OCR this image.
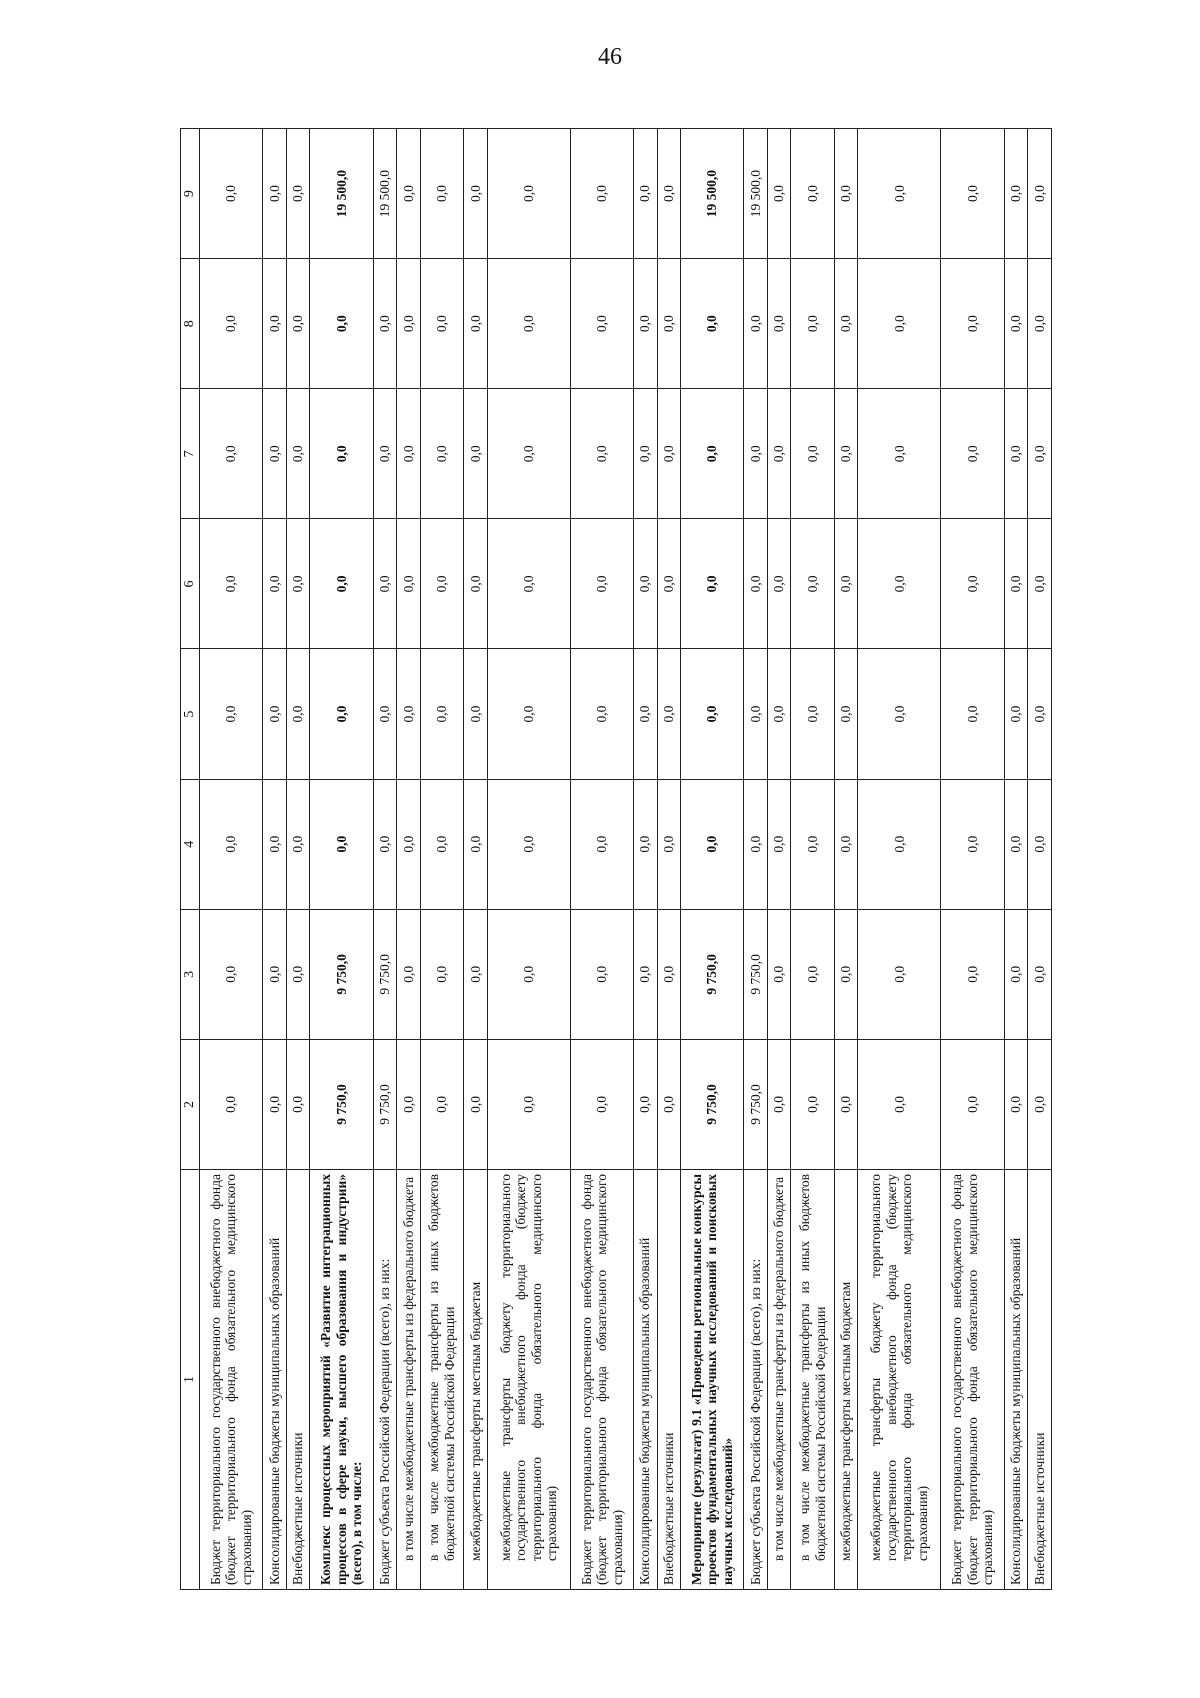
46
1	2	3	4	5	6	7	8	9
Бюджет территориального государственного внебюджетного фонда (бюджет территориального фонда обязательного медицинского страхования)	0,0	0,0	0,0	0,0	0,0	0,0	0,0	0,0
Консолидированные бюджеты муниципальных образований	0,0	0,0	0,0	0,0	0,0	0,0	0,0	0,0
Внебюджетные источники	0,0	0,0	0,0	0,0	0,0	0,0	0,0	0,0
Комплекс процессных мероприятий «Развитие интеграционных процессов в сфере науки, высшего образования и индустрии» (всего), в том числе:	9 750,0	9 750,0	0,0	0,0	0,0	0,0	0,0	19 500,0
Бюджет субъекта Российской Федерации (всего), из них:	9 750,0	9 750,0	0,0	0,0	0,0	0,0	0,0	19 500,0
в том числе межбюджетные трансферты из федерального бюджета	0,0	0,0	0,0	0,0	0,0	0,0	0,0	0,0
в том числе межбюджетные трансферты из иных бюджетов бюджетной системы Российской Федерации	0,0	0,0	0,0	0,0	0,0	0,0	0,0	0,0
межбюджетные трансферты местным бюджетам	0,0	0,0	0,0	0,0	0,0	0,0	0,0	0,0
межбюджетные трансферты бюджету территориального государственного внебюджетного фонда (бюджету территориального фонда обязательного медицинского страхования)	0,0	0,0	0,0	0,0	0,0	0,0	0,0	0,0
Бюджет территориального государственного внебюджетного фонда (бюджет территориального фонда обязательного медицинского страхования)	0,0	0,0	0,0	0,0	0,0	0,0	0,0	0,0
Консолидированные бюджеты муниципальных образований	0,0	0,0	0,0	0,0	0,0	0,0	0,0	0,0
Внебюджетные источники	0,0	0,0	0,0	0,0	0,0	0,0	0,0	0,0
Мероприятие (результат) 9.1 «Проведены региональные конкурсы проектов фундаментальных научных исследований и поисковых научных исследований»	9 750,0	9 750,0	0,0	0,0	0,0	0,0	0,0	19 500,0
Бюджет субъекта Российской Федерации (всего), из них:	9 750,0	9 750,0	0,0	0,0	0,0	0,0	0,0	19 500,0
в том числе межбюджетные трансферты из федерального бюджета	0,0	0,0	0,0	0,0	0,0	0,0	0,0	0,0
в том числе межбюджетные трансферты из иных бюджетов бюджетной системы Российской Федерации	0,0	0,0	0,0	0,0	0,0	0,0	0,0	0,0
межбюджетные трансферты местным бюджетам	0,0	0,0	0,0	0,0	0,0	0,0	0,0	0,0
межбюджетные трансферты бюджету территориального государственного внебюджетного фонда (бюджету территориального фонда обязательного медицинского страхования)	0,0	0,0	0,0	0,0	0,0	0,0	0,0	0,0
Бюджет территориального государственного внебюджетного фонда (бюджет территориального фонда обязательного медицинского страхования)	0,0	0,0	0,0	0,0	0,0	0,0	0,0	0,0
Консолидированные бюджеты муниципальных образований	0,0	0,0	0,0	0,0	0,0	0,0	0,0	0,0
Внебюджетные источники	0,0	0,0	0,0	0,0	0,0	0,0	0,0	0,0
